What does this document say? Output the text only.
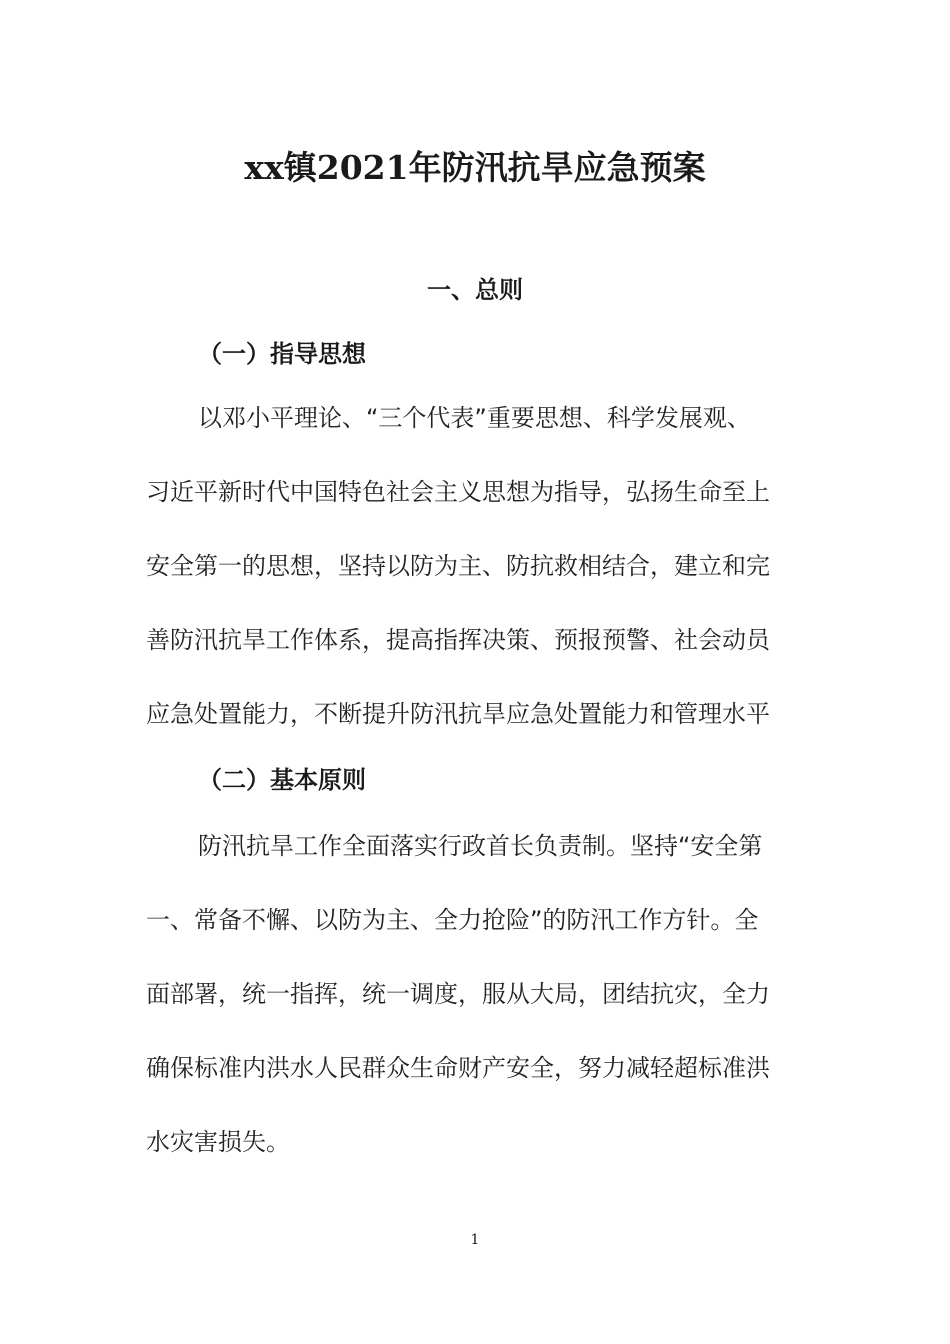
xx镇2021年防汛抗旱应急预案
一、总则
（一）指导思想

以邓小平理论、“三个代表”重要思想、科学发展观、

习近平新时代中国特色社会主义思想为指导，弘扬生命至上

安全第一的思想，坚持以防为主、防抗救相结合，建立和完

善防汛抗旱工作体系，提高指挥决策、预报预警、社会动员

应急处置能力，不断提升防汛抗旱应急处置能力和管理水平

（二）基本原则

防汛抗旱工作全面落实行政首长负责制。坚持“安全第

一、常备不懈、以防为主、全力抢险”的防汛工作方针。全

面部署，统一指挥，统一调度，服从大局，团结抗灾，全力

确保标准内洪水人民群众生命财产安全，努力减轻超标准洪

水灾害损失。

1
